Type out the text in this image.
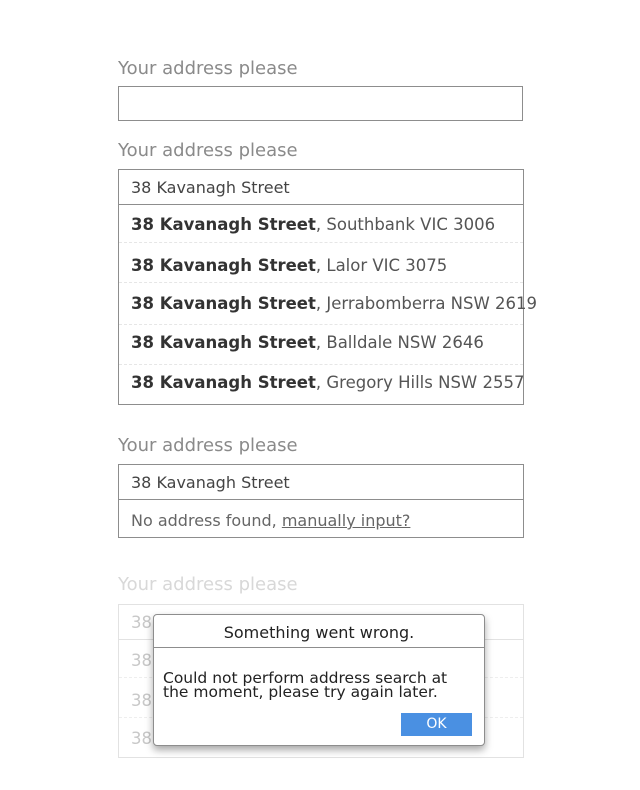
Your address please
Your address please
38 Kavanagh Street
38 Kavanagh Street, Southbank VIC 3006
38 Kavanagh Street, Lalor VIC 3075
38 Kavanagh Street, Jerrabomberra NSW 2619
38 Kavanagh Street, Balldale NSW 2646
38 Kavanagh Street, Gregory Hills NSW 2557
Your address please
38 Kavanagh Street
No address found, manually input?
Your address please
38
38
38
38
Something went wrong.
Could not perform address search at the moment, please try again later.
OK
